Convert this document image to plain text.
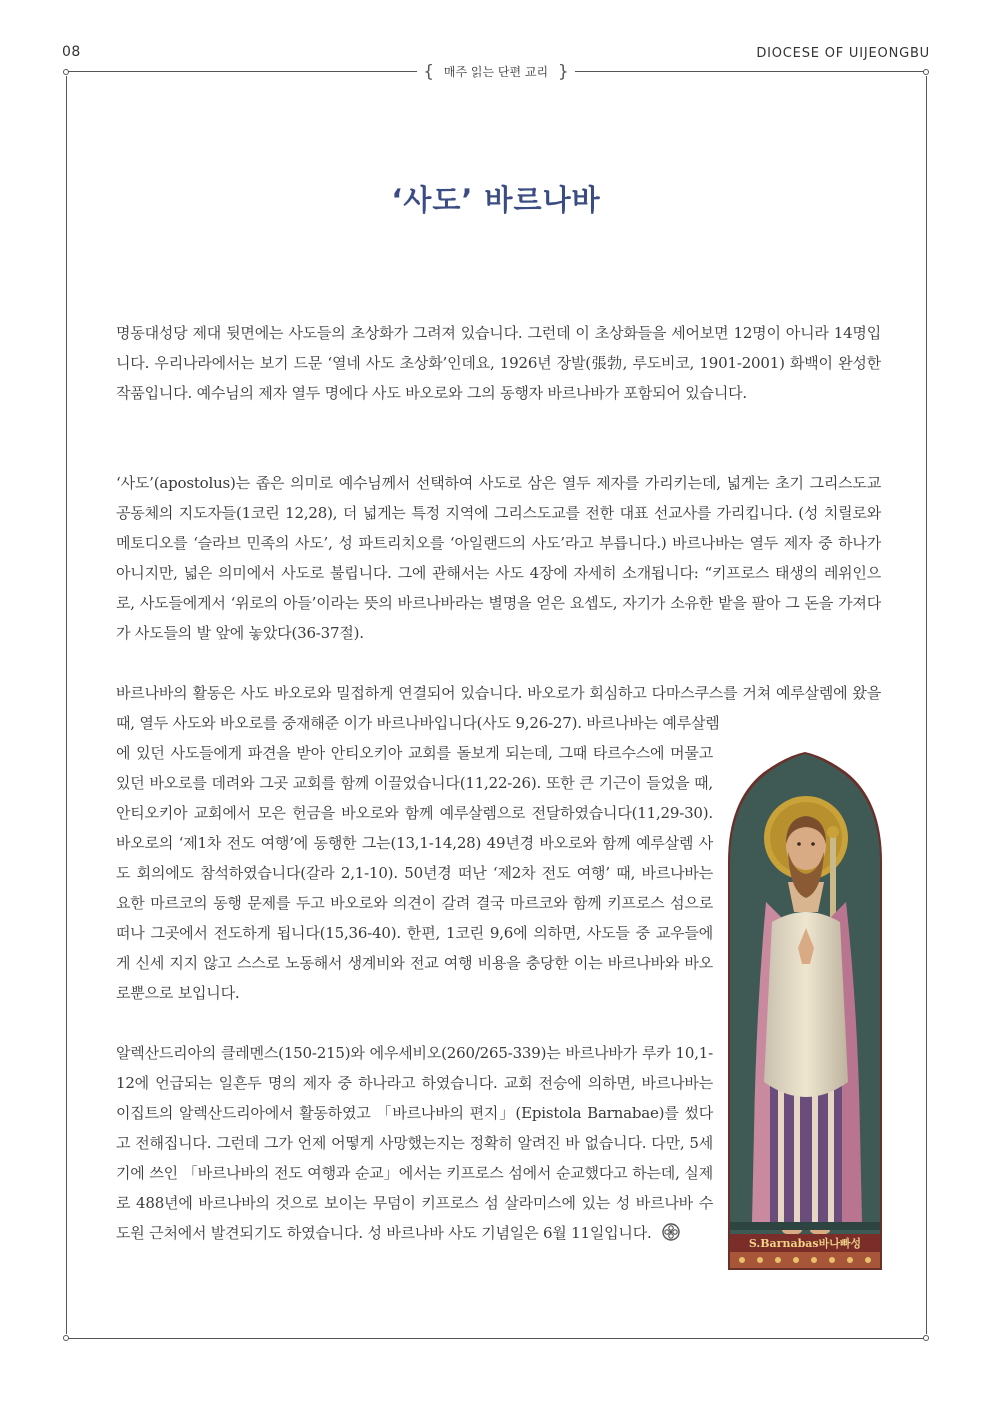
08	DIOCESE OF UIJEONGBU
{ 매주 읽는 단편 교리 }
‘사도’ 바르나바

명동대성당 제대 뒷면에는 사도들의 초상화가 그려져 있습니다. 그런데 이 초상화들을 세어보면 12명이 아니라 14명입니다. 우리나라에서는 보기 드문 ‘열네 사도 초상화’인데요, 1926년 장발(張勃, 루도비코, 1901-2001) 화백이 완성한 작품입니다. 예수님의 제자 열두 명에다 사도 바오로와 그의 동행자 바르나바가 포함되어 있습니다.

‘사도’(apostolus)는 좁은 의미로 예수님께서 선택하여 사도로 삼은 열두 제자를 가리키는데, 넓게는 초기 그리스도교 공동체의 지도자들(1코린 12,28), 더 넓게는 특정 지역에 그리스도교를 전한 대표 선교사를 가리킵니다. (성 치릴로와 메토디오를 ‘슬라브 민족의 사도’, 성 파트리치오를 ‘아일랜드의 사도’라고 부릅니다.) 바르나바는 열두 제자 중 하나가 아니지만, 넓은 의미에서 사도로 불립니다. 그에 관해서는 사도 4장에 자세히 소개됩니다: “키프로스 태생의 레위인으로, 사도들에게서 ‘위로의 아들’이라는 뜻의 바르나바라는 별명을 얻은 요셉도, 자기가 소유한 밭을 팔아 그 돈을 가져다가 사도들의 발 앞에 놓았다(36-37절).

바르나바의 활동은 사도 바오로와 밀접하게 연결되어 있습니다. 바오로가 회심하고 다마스쿠스를 거쳐 예루살렘에 왔을 때, 열두 사도와 바오로를 중재해준 이가 바르나바입니다(사도 9,26-27). 바르나바는 예루살렘

에 있던 사도들에게 파견을 받아 안티오키아 교회를 돌보게 되는데, 그때 타르수스에 머물고 있던 바오로를 데려와 그곳 교회를 함께 이끌었습니다(11,22-26). 또한 큰 기근이 들었을 때, 안티오키아 교회에서 모은 헌금을 바오로와 함께 예루살렘으로 전달하였습니다(11,29-30). 바오로의 ‘제1차 전도 여행’에 동행한 그는(13,1-14,28) 49년경 바오로와 함께 예루살렘 사도 회의에도 참석하였습니다(갈라 2,1-10). 50년경 떠난 ‘제2차 전도 여행’ 때, 바르나바는 요한 마르코의 동행 문제를 두고 바오로와 의견이 갈려 결국 마르코와 함께 키프로스 섬으로 떠나 그곳에서 전도하게 됩니다(15,36-40). 한편, 1코린 9,6에 의하면, 사도들 중 교우들에게 신세 지지 않고 스스로 노동해서 생계비와 전교 여행 비용을 충당한 이는 바르나바와 바오로뿐으로 보입니다.

알렉산드리아의 클레멘스(150-215)와 에우세비오(260/265-339)는 바르나바가 루카 10,1-12에 언급되는 일흔두 명의 제자 중 하나라고 하였습니다. 교회 전승에 의하면, 바르나바는 이집트의 알렉산드리아에서 활동하였고 「바르나바의 편지」(Epistola Barnabae)를 썼다고 전해집니다. 그런데 그가 언제 어떻게 사망했는지는 정확히 알려진 바 없습니다. 다만, 5세기에 쓰인 「바르나바의 전도 여행과 순교」에서는 키프로스 섬에서 순교했다고 하는데, 실제로 488년에 바르나바의 것으로 보이는 무덤이 키프로스 섬 살라미스에 있는 성 바르나바 수도원 근처에서 발견되기도 하였습니다. 성 바르나바 사도 기념일은 6월 11일입니다.

S.Barnabas바나빠성
